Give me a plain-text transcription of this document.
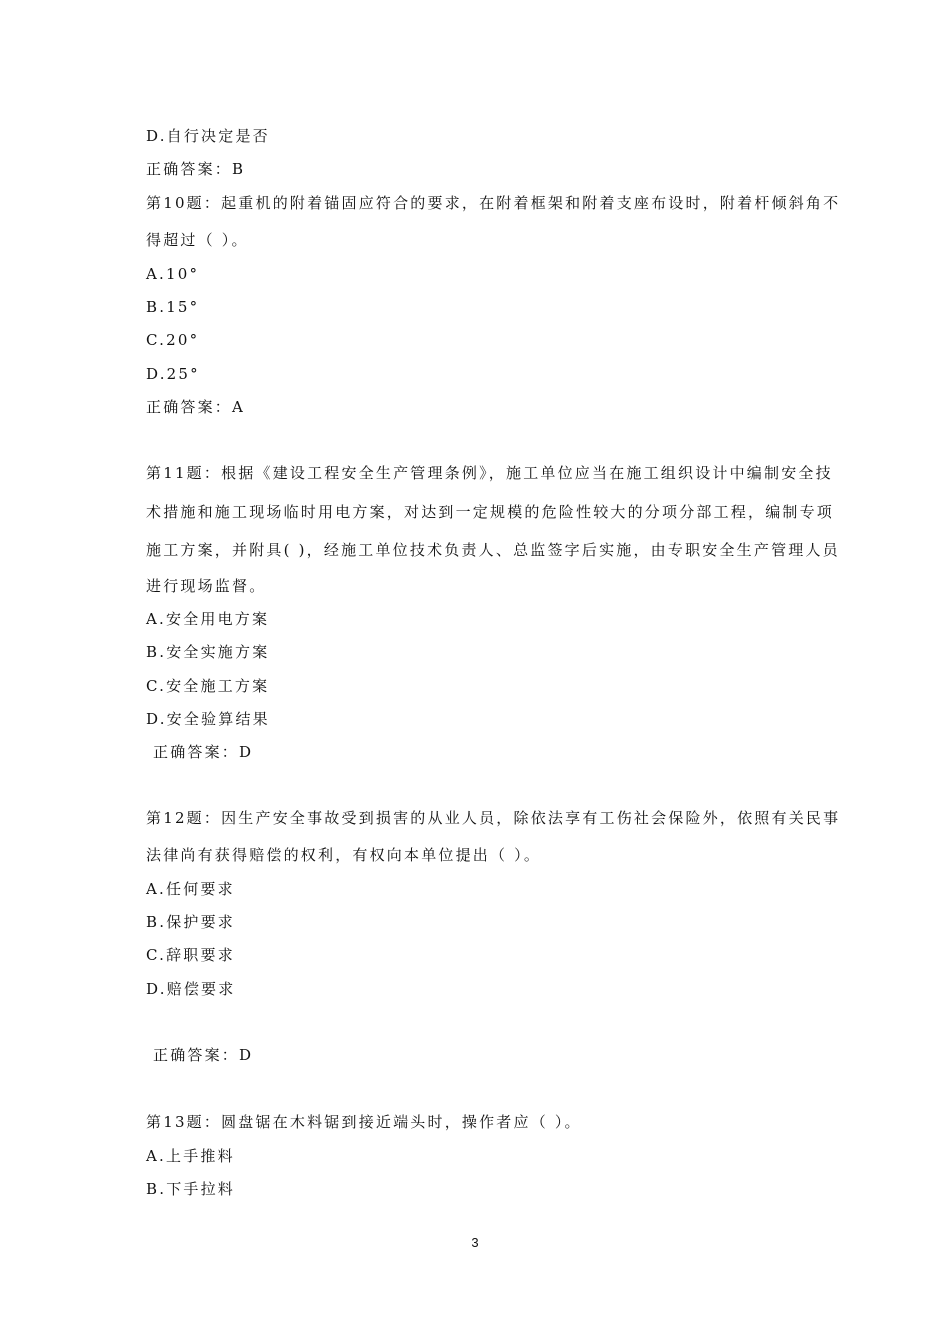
D.自行决定是否
正确答案：B
第10题：起重机的附着锚固应符合的要求，在附着框架和附着支座布设时，附着杆倾斜角不
得超过（ ）。
A.10°
B.15°
C.20°
D.25°
正确答案：A
第11题：根据《建设工程安全生产管理条例》，施工单位应当在施工组织设计中编制安全技
术措施和施工现场临时用电方案，对达到一定规模的危险性较大的分项分部工程，编制专项
施工方案，并附具( )，经施工单位技术负责人、总监签字后实施，由专职安全生产管理人员
进行现场监督。
A.安全用电方案
B.安全实施方案
C.安全施工方案
D.安全验算结果
正确答案：D
第12题：因生产安全事故受到损害的从业人员，除依法享有工伤社会保险外，依照有关民事
法律尚有获得赔偿的权利，有权向本单位提出（ ）。
A.任何要求
B.保护要求
C.辞职要求
D.赔偿要求
正确答案：D
第13题：圆盘锯在木料锯到接近端头时，操作者应（ ）。
A.上手推料
B.下手拉料
3
